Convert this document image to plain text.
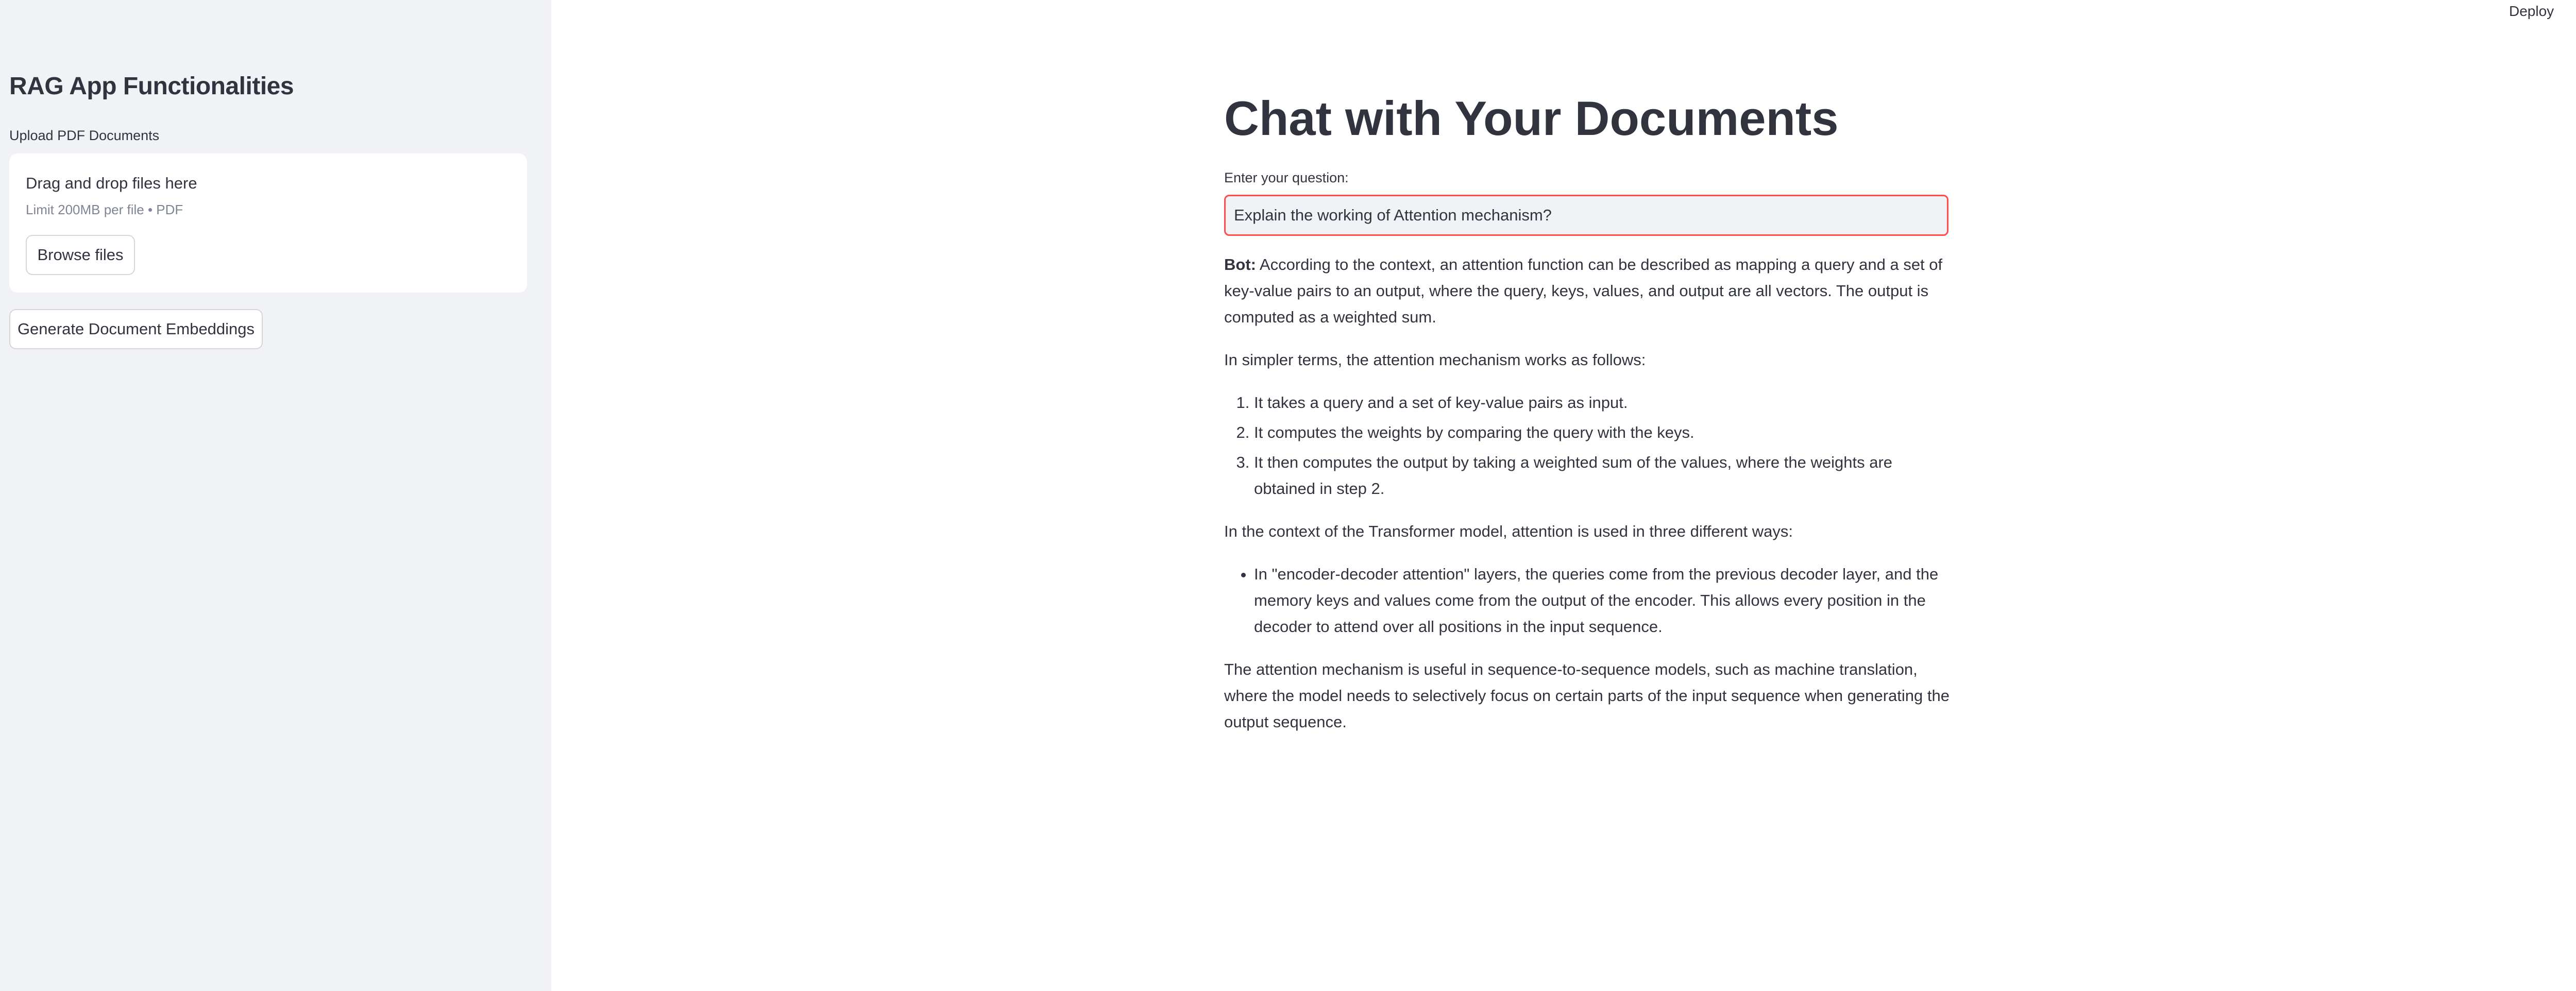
RAG App Functionalities
Upload PDF Documents
Drag and drop files here
Limit 200MB per file • PDF
Browse files
Generate Document Embeddings
Deploy
Chat with Your Documents
Enter your question:
Explain the working of Attention mechanism?

Bot: According to the context, an attention function can be described as mapping a query and a set of key-value pairs to an output, where the query, keys, values, and output are all vectors. The output is computed as a weighted sum.

In simpler terms, the attention mechanism works as follows:

1. It takes a query and a set of key-value pairs as input.
2. It computes the weights by comparing the query with the keys.
3. It then computes the output by taking a weighted sum of the values, where the weights are obtained in step 2.

In the context of the Transformer model, attention is used in three different ways:

• In "encoder-decoder attention" layers, the queries come from the previous decoder layer, and the memory keys and values come from the output of the encoder. This allows every position in the decoder to attend over all positions in the input sequence.

The attention mechanism is useful in sequence-to-sequence models, such as machine translation, where the model needs to selectively focus on certain parts of the input sequence when generating the output sequence.
